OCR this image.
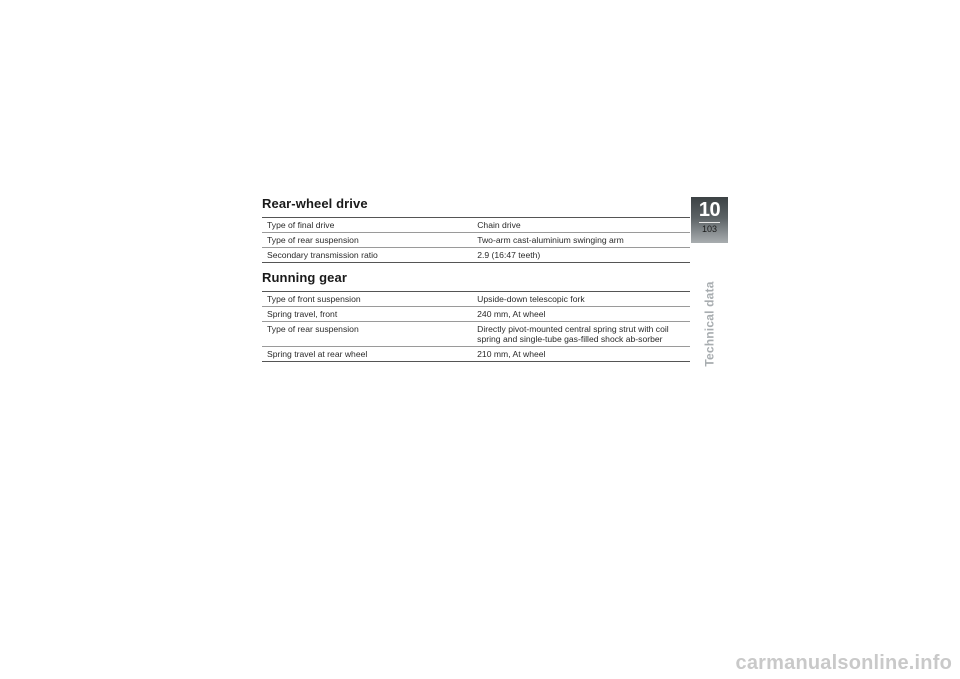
Rear-wheel drive
Type of final drive	Chain drive
Type of rear suspension	Two-arm cast-aluminium swinging arm
Secondary transmission ratio	2.9 (16:47 teeth)
Running gear
Type of front suspension	Upside-down telescopic fork
Spring travel, front	240 mm, At wheel
Type of rear suspension	Directly pivot-mounted central spring strut with coil spring and single-tube gas-filled shock ab-sorber
Spring travel at rear wheel	210 mm, At wheel
10
103
Technical data
carmanualsonline.info
